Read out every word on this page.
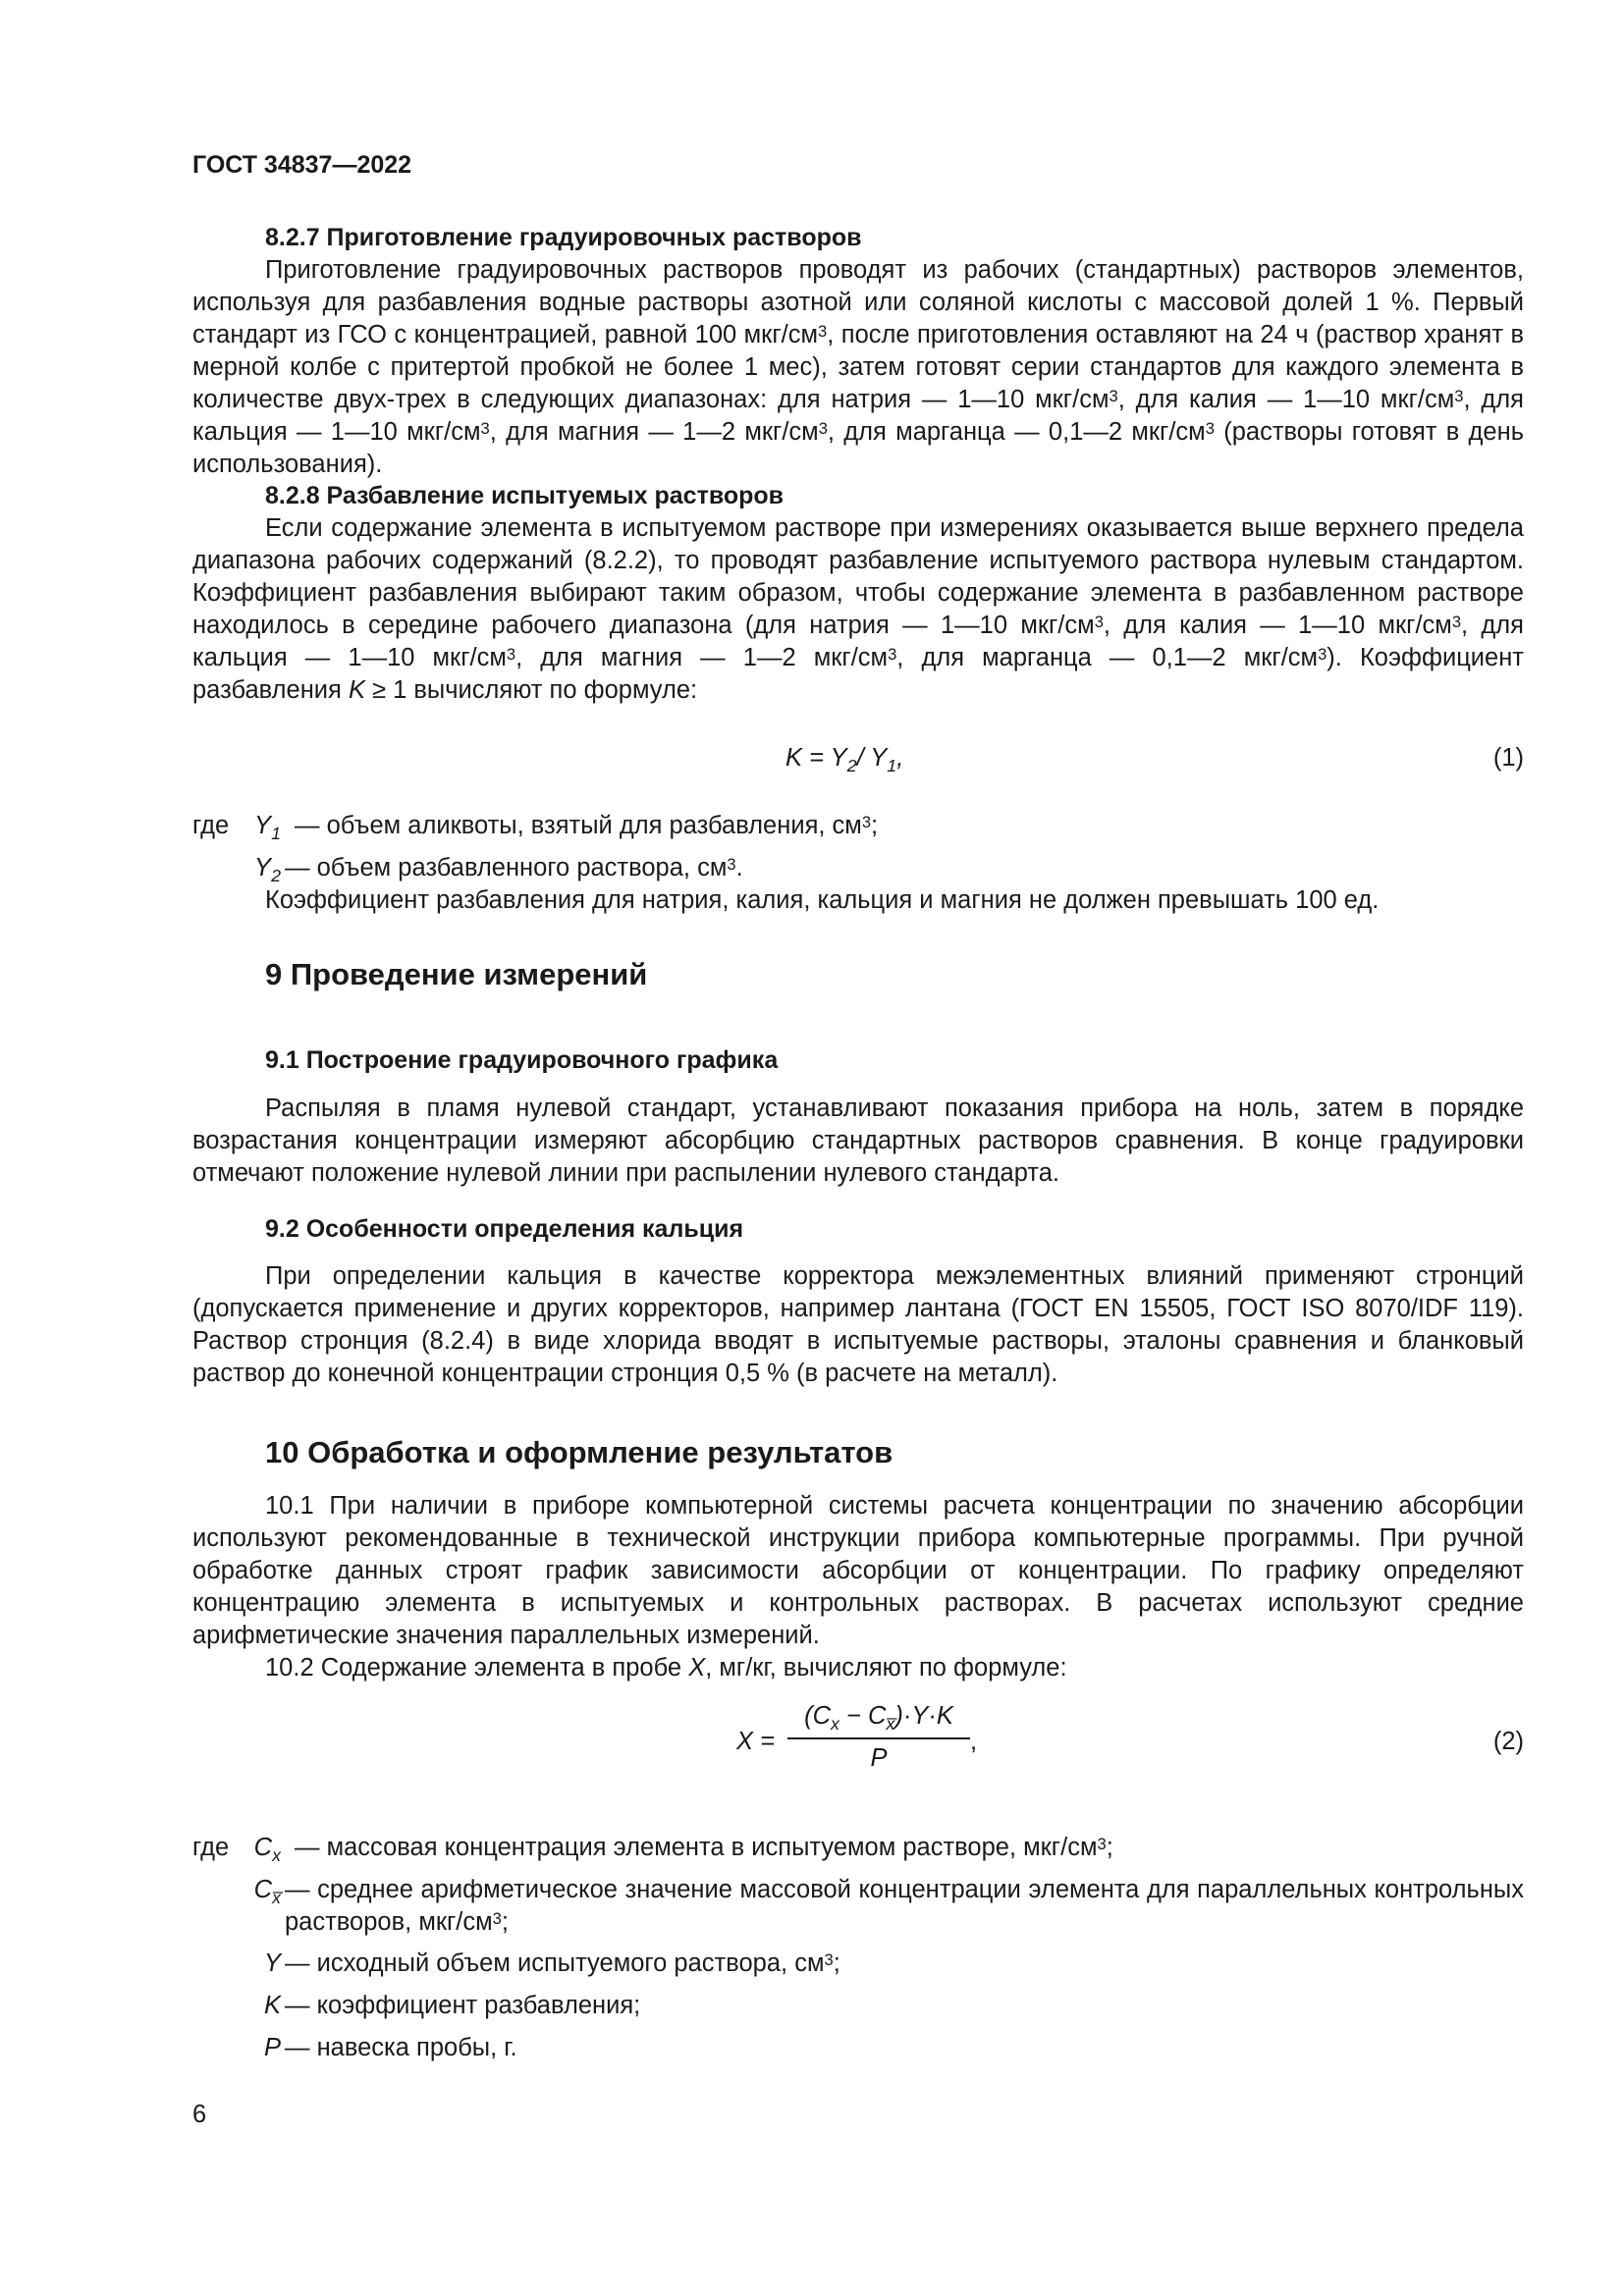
ГОСТ 34837—2022
8.2.7 Приготовление градуировочных растворов
Приготовление градуировочных растворов проводят из рабочих (стандартных) растворов элементов, используя для разбавления водные растворы азотной или соляной кислоты с массовой долей 1 %. Первый стандарт из ГСО с концентрацией, равной 100 мкг/$см^3$, после приготовления оставляют на 24 ч (раствор хранят в мерной колбе с притертой пробкой не более 1 мес), затем готовят серии стандартов для каждого элемента в количестве двух-трех в следующих диапазонах: для натрия — 1—10 мкг/$см^3$, для калия — 1—10 мкг/$см^3$, для кальция — 1—10 мкг/$см^3$, для магния — 1—2 мкг/$см^3$, для марганца — 0,1—2 мкг/$см^3$ (растворы готовят в день использования).
8.2.8 Разбавление испытуемых растворов
Если содержание элемента в испытуемом растворе при измерениях оказывается выше верхнего предела диапазона рабочих содержаний (8.2.2), то проводят разбавление испытуемого раствора нулевым стандартом. Коэффициент разбавления выбирают таким образом, чтобы содержание элемента в разбавленном растворе находилось в середине рабочего диапазона (для натрия — 1—10 мкг/$см^3$, для калия — 1—10 мкг/$см^3$, для кальция — 1—10 мкг/$см^3$, для магния — 1—2 мкг/$см^3$, для марганца — 0,1—2 мкг/$см^3$). Коэффициент разбавления K ≥ 1 вычисляют по формуле:
$K = Y_2/$ $Y_1$,	(1)
где	$Y_1$ — объем аликвоты, взятый для разбавления, $см^3$;
$Y_2$ — объем разбавленного раствора, $см^3$.
Коэффициент разбавления для натрия, калия, кальция и магния не должен превышать 100 ед.
9 Проведение измерений
9.1 Построение градуировочного графика
Распыляя в пламя нулевой стандарт, устанавливают показания прибора на ноль, затем в порядке возрастания концентрации измеряют абсорбцию стандартных растворов сравнения. В конце градуировки отмечают положение нулевой линии при распылении нулевого стандарта.
9.2 Особенности определения кальция
При определении кальция в качестве корректора межэлементных влияний применяют стронций (допускается применение и других корректоров, например лантана (ГОСТ EN 15505, ГОСТ ISO 8070/IDF 119). Раствор стронция (8.2.4) в виде хлорида вводят в испытуемые растворы, эталоны сравнения и бланковый раствор до конечной концентрации стронция 0,5 % (в расчете на металл).
10 Обработка и оформление результатов
10.1 При наличии в приборе компьютерной системы расчета концентрации по значению абсорбции используют рекомендованные в технической инструкции прибора компьютерные программы. При ручной обработке данных строят график зависимости абсорбции от концентрации. По графику определяют концентрацию элемента в испытуемых и контрольных растворах. В расчетах используют средние арифметические значения параллельных измерений.
10.2 Содержание элемента в пробе X, мг/кг, вычисляют по формуле:
X =
$(C_x - C_{x̅})\cdot Y\cdot K$
P
,	(2)
где $C_x$ — массовая концентрация элемента в испытуемом растворе, мкг/$см^3$;
$C_{x̅}$ — среднее арифметическое значение массовой концентрации элемента для параллельных контрольных растворов, мкг/$см^3$;
Y — исходный объем испытуемого раствора, $см^3$;
K — коэффициент разбавления;
P — навеска пробы, г.
6
